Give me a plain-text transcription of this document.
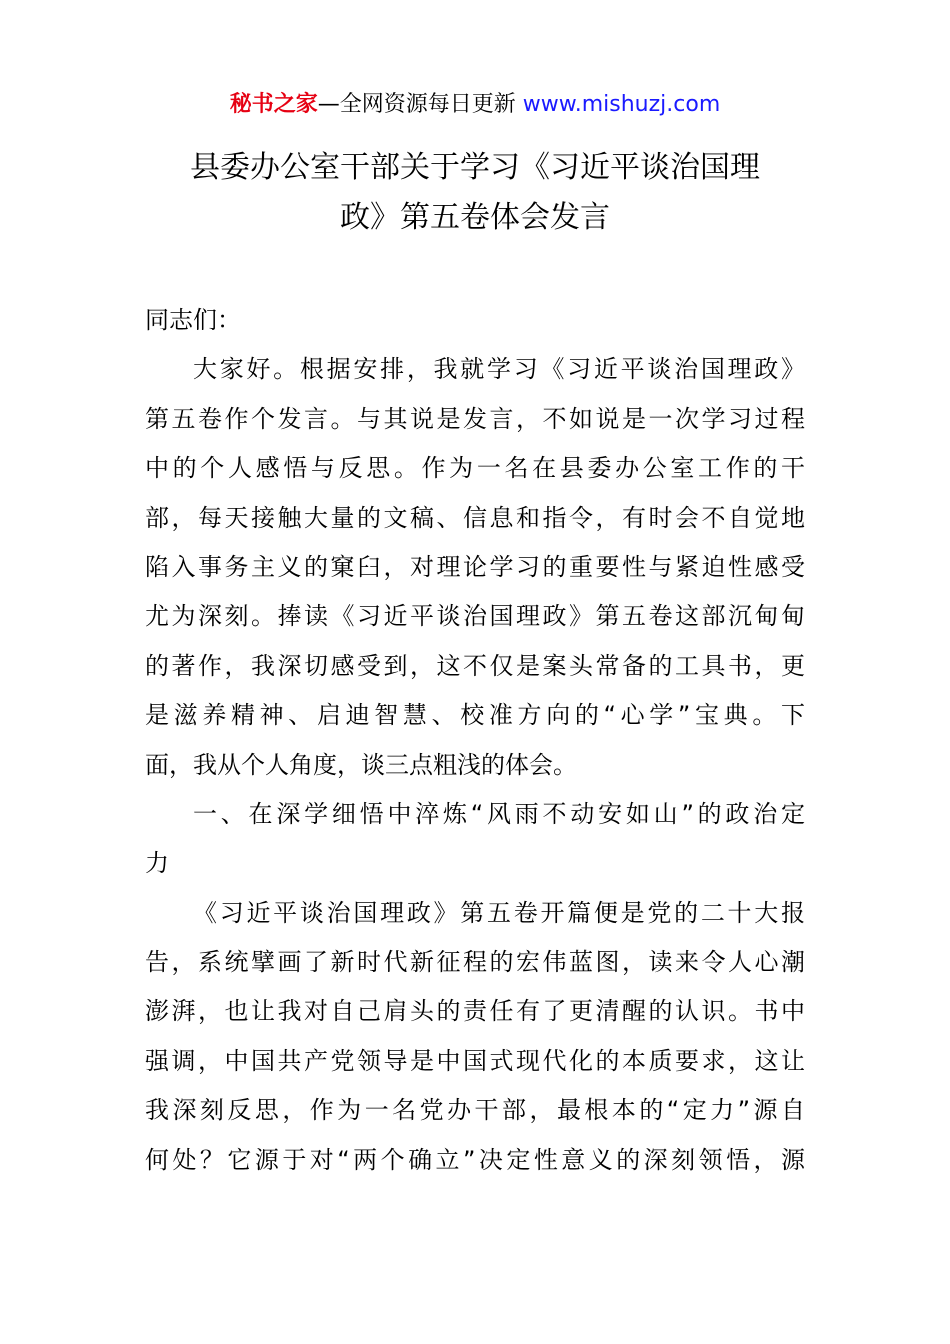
秘书之家—全网资源每日更新 www.mishuzj.com
县委办公室干部关于学习《习近平谈治国理
政》第五卷体会发言
同志们：
大家好。根据安排，我就学习《习近平谈治国理政》
第五卷作个发言。与其说是发言，不如说是一次学习过程
中的个人感悟与反思。作为一名在县委办公室工作的干
部，每天接触大量的文稿、信息和指令，有时会不自觉地
陷入事务主义的窠臼，对理论学习的重要性与紧迫性感受
尤为深刻。捧读《习近平谈治国理政》第五卷这部沉甸甸
的著作，我深切感受到，这不仅是案头常备的工具书，更
是滋养精神、启迪智慧、校准方向的“心学”宝典。下
面，我从个人角度，谈三点粗浅的体会。
一、在深学细悟中淬炼“风雨不动安如山”的政治定
力
《习近平谈治国理政》第五卷开篇便是党的二十大报
告，系统擘画了新时代新征程的宏伟蓝图，读来令人心潮
澎湃，也让我对自己肩头的责任有了更清醒的认识。书中
强调，中国共产党领导是中国式现代化的本质要求，这让
我深刻反思，作为一名党办干部，最根本的“定力”源自
何处？它源于对“两个确立”决定性意义的深刻领悟，源
